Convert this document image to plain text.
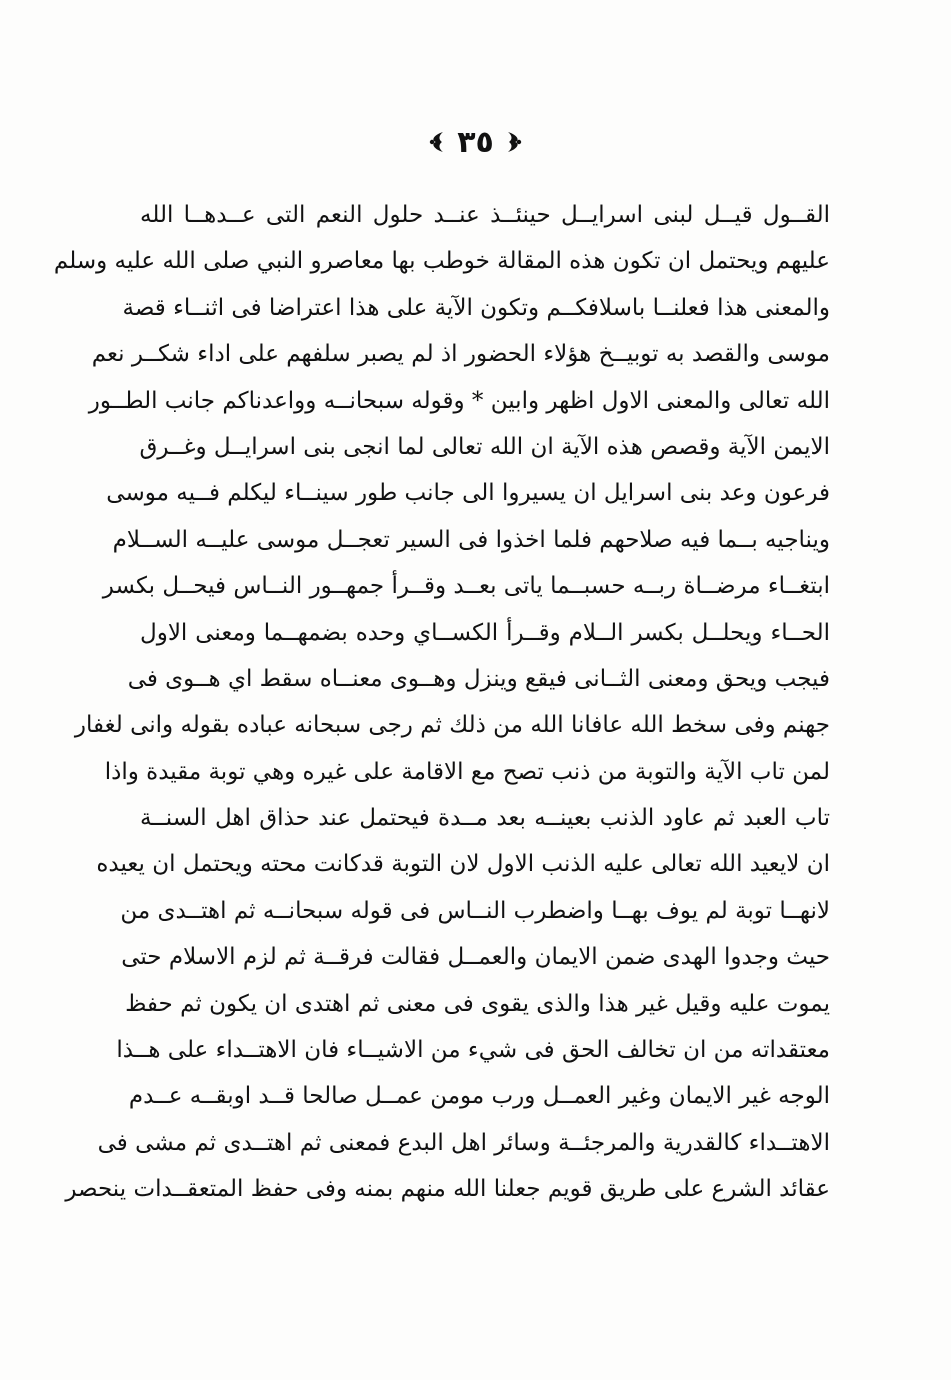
٣٥
القــول قيــل لبنى اسرايــل حينئــذ عنــد حلول النعم التى عــدهــا الله
عليهم ويحتمل ان تكون هذه المقالة خوطب بها معاصرو النبي صلى الله عليه وسلم
والمعنى هذا فعلنــا باسلافكــم وتكون الآية على هذا اعتراضا فى اثنــاء قصة
موسى والقصد به توبيــخ هؤلاء الحضور اذ لم يصبر سلفهم على اداء شكــر نعم
الله تعالى والمعنى الاول اظهر وابين * وقوله سبحانــه وواعدناكم جانب الطــور
الايمن الآية وقصص هذه الآية ان الله تعالى لما انجى بنى اسرايــل وغــرق
فرعون وعد بنى اسرايل ان يسيروا الى جانب طور سينــاء ليكلم فــيه موسى
ويناجيه بــما فيه صلاحهم فلما اخذوا فى السير تعجــل موسى عليــه الســلام
ابتغــاء مرضــاة ربــه حسبــما ياتى بعــد وقــرأ جمهــور النــاس فيحــل بكسر
الحــاء ويحلــل بكسر الــلام وقــرأ الكســاي وحده بضمهــما ومعنى الاول
فيجب ويحق ومعنى الثــانى فيقع وينزل وهــوى معنــاه سقط اي هــوى فى
جهنم وفى سخط الله عافانا الله من ذلك ثم رجى سبحانه عباده بقوله وانى لغفار
لمن تاب الآية والتوبة من ذنب تصح مع الاقامة على غيره وهي توبة مقيدة واذا
تاب العبد ثم عاود الذنب بعينــه بعد مــدة فيحتمل عند حذاق اهل السنــة
ان لايعيد الله تعالى عليه الذنب الاول لان التوبة قدكانت محته ويحتمل ان يعيده
لانهــا توبة لم يوف بهــا واضطرب النــاس فى قوله سبحانــه ثم اهتــدى من
حيث وجدوا الهدى ضمن الايمان والعمــل فقالت فرقــة ثم لزم الاسلام حتى
يموت عليه وقيل غير هذا والذى يقوى فى معنى ثم اهتدى ان يكون ثم حفظ
معتقداته من ان تخالف الحق فى شيء من الاشيــاء فان الاهتــداء على هــذا
الوجه غير الايمان وغير العمــل ورب مومن عمــل صالحا قــد اوبقــه عــدم
الاهتــداء كالقدرية والمرجئــة وسائر اهل البدع فمعنى ثم اهتــدى ثم مشى فى
عقائد الشرع على طريق قويم جعلنا الله منهم بمنه وفى حفظ المتعقــدات ينحصر
